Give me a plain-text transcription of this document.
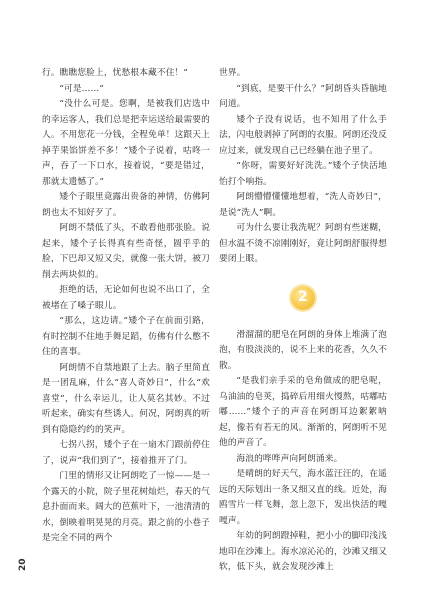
行。瞧瞧您脸上，忧愁根本藏不住！”

“可是……”

“没什么可是。您啊，是被我们店选中的幸运客人，我们总是把幸运送给最需要的人。不用您花一分钱，全程免单！这跟天上掉芋果馅饼差不多！”矮个子说着，咕咚一声，吞了一下口水，接着说，“要是错过，那就太遗憾了。”

矮个子眼里竟露出贵备的神情，仿佛阿朗也太不知好歹了。

阿朗不禁低了头，不敢看他那张脸。说起来，矮个子长得真有些奇怪，圆乎乎的脸，下巴却又短又尖，就像一张大饼，被刀削去两块似的。

拒绝的话，无论如何也说不出口了，全被堵在了嗓子眼儿。

“那么，这边请。”矮个子在前面引路，有时控制不住地手舞足蹈，仿佛有什么憋不住的喜事。

阿朗情不自禁地跟了上去。脑子里简直是一团乱麻，什么“喜人奇妙日”，什么“欢喜堂”，什么幸运儿，让人莫名其妙。不过听起来，确实有些诱人。何况，阿朗真的听到有隐隐约约的笑声。

七拐八拐，矮个子在一扇木门跟前停住了，说声“我们到了”，接着推开了门。

门里的情形又让阿朗吃了一惊——是一个露天的小院，院子里花树灿烂，春天的气息扑面而来。阔大的芭蕉叶下，一池清清的水，倒映着明晃晃的月亮。跟之前的小巷子是完全不同的两个

世界。

“到底，是要干什么？”阿朗昏头昏脑地问道。

矮个子没有说话，也不知用了什么手法，闪电般剥掉了阿朗的衣服。阿朗还没反应过来，就发现自己已经躺在池子里了。

“你呀，需要好好洗洗。”矮个子快活地怡打个响指。

阿朗懵懵懂懂地想着，“洗人奇妙日”，是说“洗人”啊。

可为什么要让我洗呢？阿朗有些迷糊，但水温不烫不凉刚刚好，竟让阿朗舒服得想要闭上眼。

2

滑溜溜的肥皂在阿朗的身体上堆满了泡泡，有股淡淡的，说不上来的花香，久久不散。

“是我们亲手采的皂角做成的肥皂呢，乌油油的皂荚，捣碎后用细火慢熬，咕嘟咕嘟……”矮个子的声音在阿朗耳边絮絮呐起，像若有若无的风。渐渐的，阿朗听不见他的声音了。

海浪的哗哗声向阿朗涌来。

是晴朗的好天气，海水蓝汪汪的，在遥远的天际划出一条又细又直的线。近处，海鸥雪片一样飞舞，忽上忽下，发出快活的嘎嘎声。

年幼的阿朗蹬掉鞋，把小小的脚印浅浅地印在沙滩上。海水凉沁沁的，沙滩又细又软，低下头，就会发现沙滩上

20
